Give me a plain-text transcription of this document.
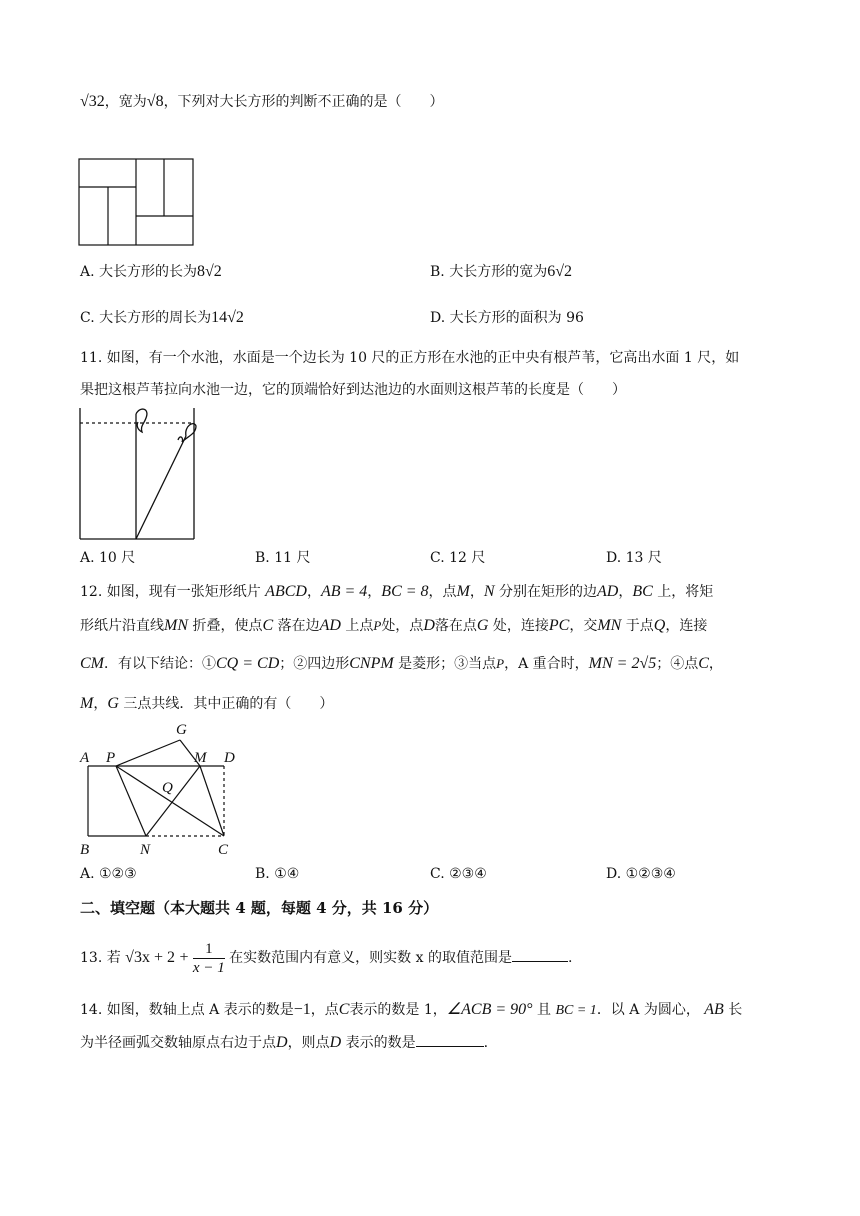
√32，宽为√8，下列对大长方形的判断不正确的是（　　）
A. 大长方形的长为8√2	B. 大长方形的宽为6√2
C. 大长方形的周长为14√2	D. 大长方形的面积为 96
11. 如图，有一个水池，水面是一个边长为 10 尺的正方形在水池的正中央有根芦苇，它高出水面 1 尺，如
果把这根芦苇拉向水池一边，它的顶端恰好到达池边的水面则这根芦苇的长度是（　　）
A. 10 尺	B. 11 尺	C. 12 尺	D. 13 尺
12. 如图，现有一张矩形纸片 ABCD，AB = 4，BC = 8，点M，N 分别在矩形的边AD，BC 上，将矩
形纸片沿直线MN 折叠，使点C 落在边AD 上点P处，点D落在点G 处，连接PC，交MN 于点Q，连接
CM．有以下结论：①CQ = CD；②四边形CNPM 是菱形；③当点P，A 重合时，MN = 2√5；④点C，
M，G 三点共线．其中正确的有（　　）
G
A P	M D
Q
B	N	C
A. ①②③	B. ①④	C. ②③④	D. ①②③④
二、填空题（本大题共 4 题，每题 4 分，共 16 分）
13. 若 $√3x + 2 + \frac{1}{x - 1}$ 在实数范围内有意义，则实数 x 的取值范围是	.
14. 如图，数轴上点 A 表示的数是−1，点C表示的数是 1，∠ACB = 90° 且 BC = 1．以 A 为圆心， AB 长
为半径画弧交数轴原点右边于点D，则点D 表示的数是	.
